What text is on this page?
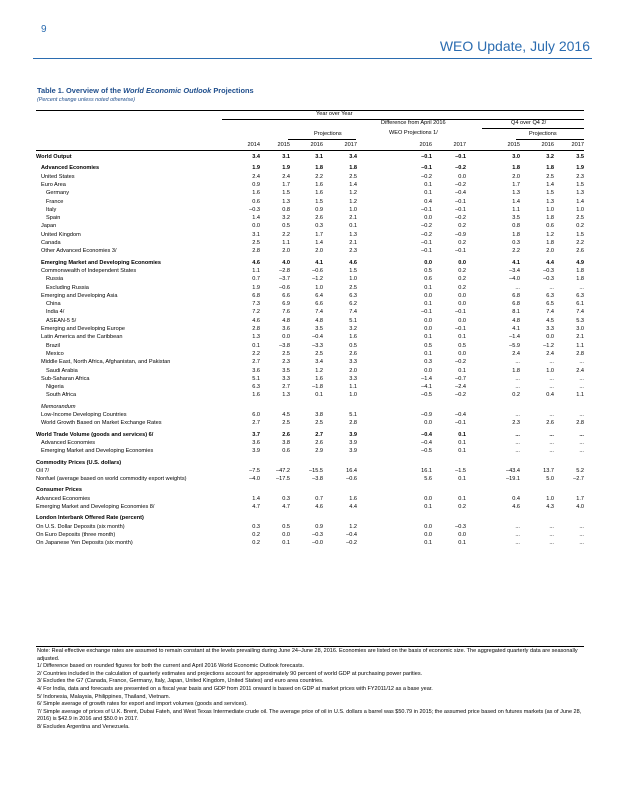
9
WEO Update, July 2016
Table 1. Overview of the World Economic Outlook Projections
(Percent change unless noted otherwise)
Year over Year
Difference from April 2016
WEO Projections 1/
Q4 over Q4 2/
Projections	Projections
2014	2015	2016	2017	2016	2017	2015	2016	2017
World Output	3.4	3.1	3.1	3.4	–0.1	–0.1	3.0	3.2	3.5
Advanced Economies	1.9	1.9	1.8	1.8	–0.1	–0.2	1.8	1.8	1.9
United States	2.4	2.4	2.2	2.5	–0.2	0.0	2.0	2.5	2.3
Euro Area	0.9	1.7	1.6	1.4	0.1	–0.2	1.7	1.4	1.5
Germany	1.6	1.5	1.6	1.2	0.1	–0.4	1.3	1.5	1.3
France	0.6	1.3	1.5	1.2	0.4	–0.1	1.4	1.3	1.4
Italy	–0.3	0.8	0.9	1.0	–0.1	–0.1	1.1	1.0	1.0
Spain	1.4	3.2	2.6	2.1	0.0	–0.2	3.5	1.8	2.5
Japan	0.0	0.5	0.3	0.1	–0.2	0.2	0.8	0.6	0.2
United Kingdom	3.1	2.2	1.7	1.3	–0.2	–0.9	1.8	1.2	1.5
Canada	2.5	1.1	1.4	2.1	–0.1	0.2	0.3	1.8	2.2
Other Advanced Economies 3/	2.8	2.0	2.0	2.3	–0.1	–0.1	2.2	2.0	2.6
Emerging Market and Developing Economies	4.6	4.0	4.1	4.6	0.0	0.0	4.1	4.4	4.9
Commonwealth of Independent States	1.1	–2.8	–0.6	1.5	0.5	0.2	–3.4	–0.3	1.8
Russia	0.7	–3.7	–1.2	1.0	0.6	0.2	–4.0	–0.3	1.8
Excluding Russia	1.9	–0.6	1.0	2.5	0.1	0.2	...	...	...
Emerging and Developing Asia	6.8	6.6	6.4	6.3	0.0	0.0	6.8	6.3	6.3
China	7.3	6.9	6.6	6.2	0.1	0.0	6.8	6.5	6.1
India 4/	7.2	7.6	7.4	7.4	–0.1	–0.1	8.1	7.4	7.4
ASEAN-5 5/	4.6	4.8	4.8	5.1	0.0	0.0	4.8	4.5	5.3
Emerging and Developing Europe	2.8	3.6	3.5	3.2	0.0	–0.1	4.1	3.3	3.0
Latin America and the Caribbean	1.3	0.0	–0.4	1.6	0.1	0.1	–1.4	0.0	2.1
Brazil	0.1	–3.8	–3.3	0.5	0.5	0.5	–5.9	–1.2	1.1
Mexico	2.2	2.5	2.5	2.6	0.1	0.0	2.4	2.4	2.8
Middle East, North Africa, Afghanistan, and Pakistan	2.7	2.3	3.4	3.3	0.3	–0.2	...	...	...
Saudi Arabia	3.6	3.5	1.2	2.0	0.0	0.1	1.8	1.0	2.4
Sub-Saharan Africa	5.1	3.3	1.6	3.3	–1.4	–0.7	...	...	...
Nigeria	6.3	2.7	–1.8	1.1	–4.1	–2.4	...	...	...
South Africa	1.6	1.3	0.1	1.0	–0.5	–0.2	0.2	0.4	1.1
Memorandum
Low-Income Developing Countries	6.0	4.5	3.8	5.1	–0.9	–0.4	...	...	...
World Growth Based on Market Exchange Rates	2.7	2.5	2.5	2.8	0.0	–0.1	2.3	2.6	2.8
World Trade Volume (goods and services) 6/	3.7	2.6	2.7	3.9	–0.4	0.1	...	...	...
Advanced Economies	3.6	3.8	2.6	3.9	–0.4	0.1	...	...	...
Emerging Market and Developing Economies	3.9	0.6	2.9	3.9	–0.5	0.1	...	...	...
Commodity Prices (U.S. dollars)
Oil 7/	–7.5	–47.2	–15.5	16.4	16.1	–1.5	–43.4	13.7	5.2
Nonfuel (average based on world commodity export weights)	–4.0	–17.5	–3.8	–0.6	5.6	0.1	–19.1	5.0	–2.7
Consumer Prices
Advanced Economies	1.4	0.3	0.7	1.6	0.0	0.1	0.4	1.0	1.7
Emerging Market and Developing Economies 8/	4.7	4.7	4.6	4.4	0.1	0.2	4.6	4.3	4.0
London Interbank Offered Rate (percent)
On U.S. Dollar Deposits (six month)	0.3	0.5	0.9	1.2	0.0	–0.3	...	...	...
On Euro Deposits (three month)	0.2	0.0	–0.3	–0.4	0.0	0.0	...	...	...
On Japanese Yen Deposits (six month)	0.2	0.1	–0.0	–0.2	0.1	0.1	...	...	...

Note: Real effective exchange rates are assumed to remain constant at the levels prevailing during June 24–June 28, 2016. Economies are listed on the basis of economic size. The aggregated quarterly data are seasonally adjusted.

1/ Difference based on rounded figures for both the current and April 2016 World Economic Outlook forecasts.

2/ Countries included in the calculation of quarterly estimates and projections account for approximately 90 percent of world GDP at purchasing power parities.

3/ Excludes the G7 (Canada, France, Germany, Italy, Japan, United Kingdom, United States) and euro area countries.

4/ For India, data and forecasts are presented on a fiscal year basis and GDP from 2011 onward is based on GDP at market prices with FY2011/12 as a base year.

5/ Indonesia, Malaysia, Philippines, Thailand, Vietnam.

6/ Simple average of growth rates for export and import volumes (goods and services).

7/ Simple average of prices of U.K. Brent, Dubai Fateh, and West Texas Intermediate crude oil. The average price of oil in U.S. dollars a barrel was $50.79 in 2015; the assumed price based on futures markets (as of June 28, 2016) is $42.9 in 2016 and $50.0 in 2017.

8/ Excludes Argentina and Venezuela.
